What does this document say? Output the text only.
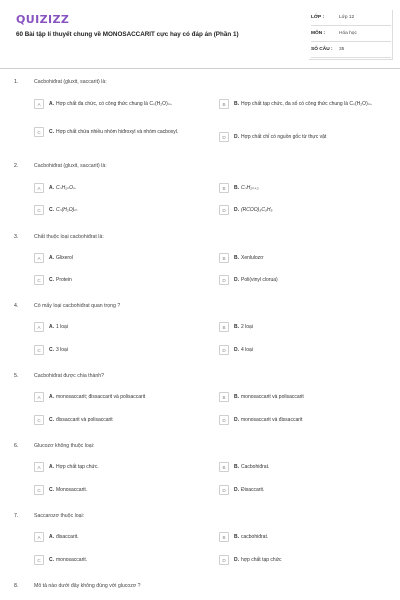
QUIZIZZ
60 Bài tập lí thuyết chung về MONOSACCARIT cực hay có đáp án (Phần 1)
LỚP :	Lớp 12
MÔN :	Hóa học
SỐ CÂU :	35
1.	Cacbohiđrat (gluxit, saccarit) là:
A	A. Hợp chất đa chức, có công thức chung là Cₙ(H₂O)ₘ.	B	B. Hợp chất tạp chức, đa số có công thức chung là Cₙ(H₂O)ₘ.
C	C. Hợp chất chứa nhiều nhóm hiđroxyl và nhóm cacboxyl.
D	D. Hợp chất chỉ có nguồn gốc từ thực vật
2.	Cacbohiđrat (gluxit, saccarit) là:
A	A. CₙH₂ₙOₙ.	B	B. CₙH₂ₙ₊₂
C	C. Cₙ(H₂O)ₘ	D	D. (RCOO)₃C₃H₅
3.	Chất thuộc loại cacbohiđrat là:
A	A. Glixerol	B	B. Xenlulozơ
C	C. Protein	D	D. Poli(vinyl clorua)
4.	Có mấy loại cacbohiđrat quan trọng ?
A	A. 1 loại	B	B. 2 loại
C	C. 3 loại	D	D. 4 loại
5.	Cacbohiđrat được chia thành?
A	A. monosaccarit; đissaccarit và polisaccarit	B	B. monosaccarit và polisaccarit
C	C. đissaccarit và polisaccarit	D	D. monosaccarit và đissaccarit
6.	Glucozơ không thuộc loại:
A	A. Hợp chất tạp chức.	B	B. Cacbohiđrat.
C	C. Monosaccarit.	D	D. Đisaccarit.
7.	Saccarozơ thuộc loại:
A	A. đisaccarit.	B	B. cacbohiđrat.
C	C. monosaccarit.	D	D. hợp chất tạp chức
8.	Mô tả nào dưới đây không đúng với glucozơ ?
